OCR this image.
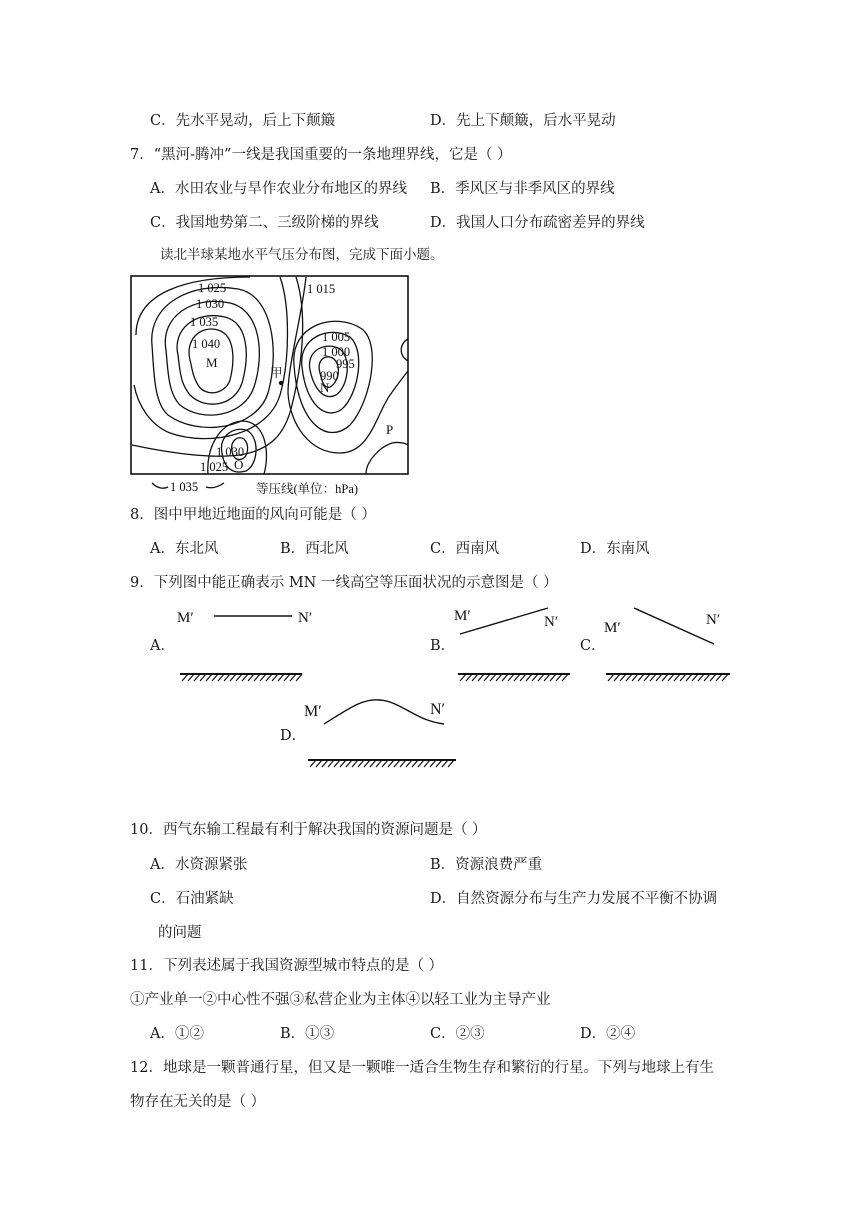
C．先水平晃动，后上下颠簸	D．先上下颠簸，后水平晃动
7．“黑河-腾冲”一线是我国重要的一条地理界线，它是（ ）
A．水田农业与旱作农业分布地区的界线 B．季风区与非季风区的界线
C．我国地势第二、三级阶梯的界线	D．我国人口分布疏密差异的界线
读北半球某地水平气压分布图，完成下面小题。
1 025
1 030
1 035
1 040
M
甲
1 015
1 005
1 000
995
990
N
P
1 030
1 025 O
1 035	等压线(单位：hPa)
8．图中甲地近地面的风向可能是（ ）
A．东北风	B．西北风	C．西南风	D．东南风
9．下列图中能正确表示 MN 一线高空等压面状况的示意图是（ ）
A．
M′	N′
B．
M′	N′
C．
M′	N′
D．
M′	N′
10．西气东输工程最有利于解决我国的资源问题是（ ）
A．水资源紧张	B．资源浪费严重
C．石油紧缺	D．自然资源分布与生产力发展不平衡不协调
的问题
11．下列表述属于我国资源型城市特点的是（ ）
①产业单一②中心性不强③私营企业为主体④以轻工业为主导产业
A．①②	B．①③	C．②③	D．②④
12．地球是一颗普通行星，但又是一颗唯一适合生物生存和繁衍的行星。下列与地球上有生
物存在无关的是（ ）
